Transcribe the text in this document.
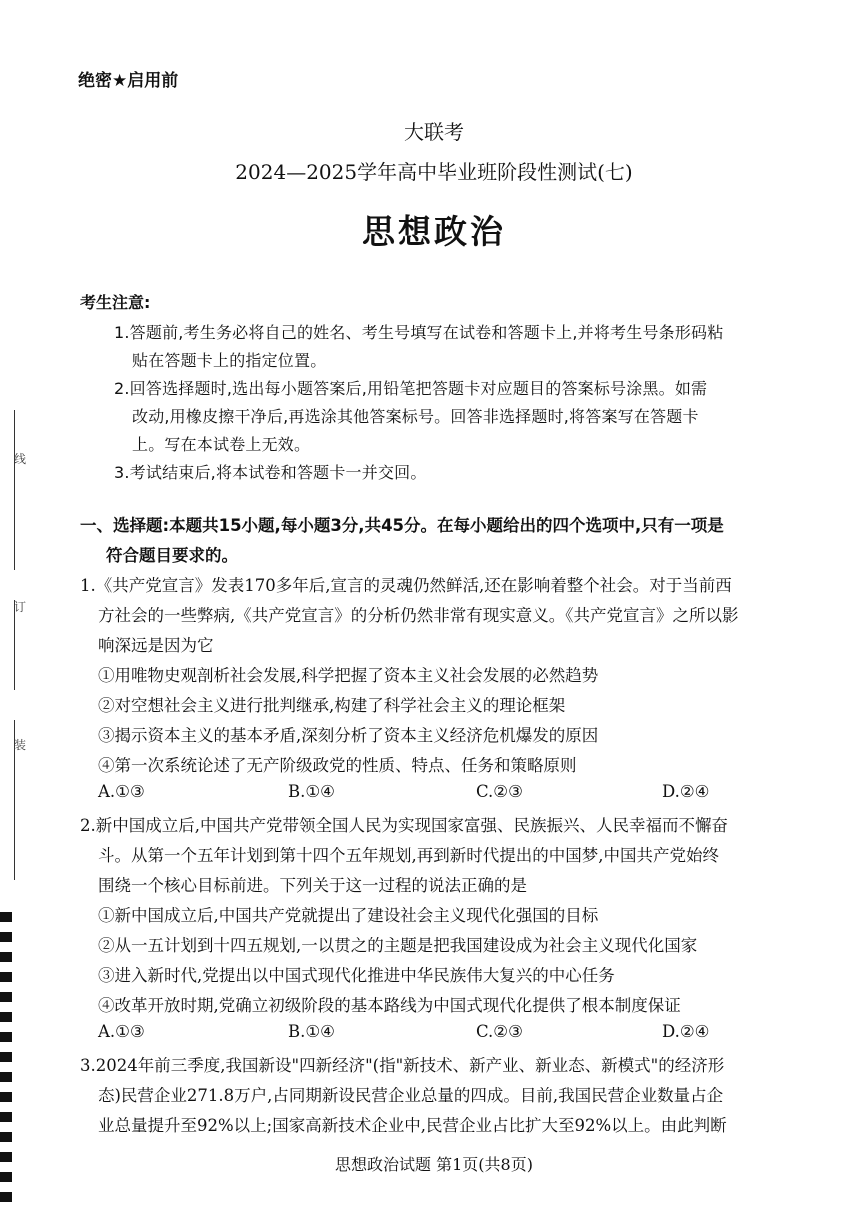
线
订
装
绝密★启用前
大联考
2024—2025学年高中毕业班阶段性测试(七)
思想政治
考生注意:
1.答题前,考生务必将自己的姓名、考生号填写在试卷和答题卡上,并将考生号条形码粘
贴在答题卡上的指定位置。
2.回答选择题时,选出每小题答案后,用铅笔把答题卡对应题目的答案标号涂黑。如需
改动,用橡皮擦干净后,再选涂其他答案标号。回答非选择题时,将答案写在答题卡
上。写在本试卷上无效。
3.考试结束后,将本试卷和答题卡一并交回。
一、选择题:本题共15小题,每小题3分,共45分。在每小题给出的四个选项中,只有一项是
符合题目要求的。
1.《共产党宣言》发表170多年后,宣言的灵魂仍然鲜活,还在影响着整个社会。对于当前西
方社会的一些弊病,《共产党宣言》的分析仍然非常有现实意义。《共产党宣言》之所以影
响深远是因为它
①用唯物史观剖析社会发展,科学把握了资本主义社会发展的必然趋势
②对空想社会主义进行批判继承,构建了科学社会主义的理论框架
③揭示资本主义的基本矛盾,深刻分析了资本主义经济危机爆发的原因
④第一次系统论述了无产阶级政党的性质、特点、任务和策略原则
A.①③	B.①④	C.②③	D.②④
2.新中国成立后,中国共产党带领全国人民为实现国家富强、民族振兴、人民幸福而不懈奋
斗。从第一个五年计划到第十四个五年规划,再到新时代提出的中国梦,中国共产党始终
围绕一个核心目标前进。下列关于这一过程的说法正确的是
①新中国成立后,中国共产党就提出了建设社会主义现代化强国的目标
②从一五计划到十四五规划,一以贯之的主题是把我国建设成为社会主义现代化国家
③进入新时代,党提出以中国式现代化推进中华民族伟大复兴的中心任务
④改革开放时期,党确立初级阶段的基本路线为中国式现代化提供了根本制度保证
A.①③	B.①④	C.②③	D.②④
3.2024年前三季度,我国新设"四新经济"(指"新技术、新产业、新业态、新模式"的经济形
态)民营企业271.8万户,占同期新设民营企业总量的四成。目前,我国民营企业数量占企
业总量提升至92%以上;国家高新技术企业中,民营企业占比扩大至92%以上。由此判断
思想政治试题 第1页(共8页)
